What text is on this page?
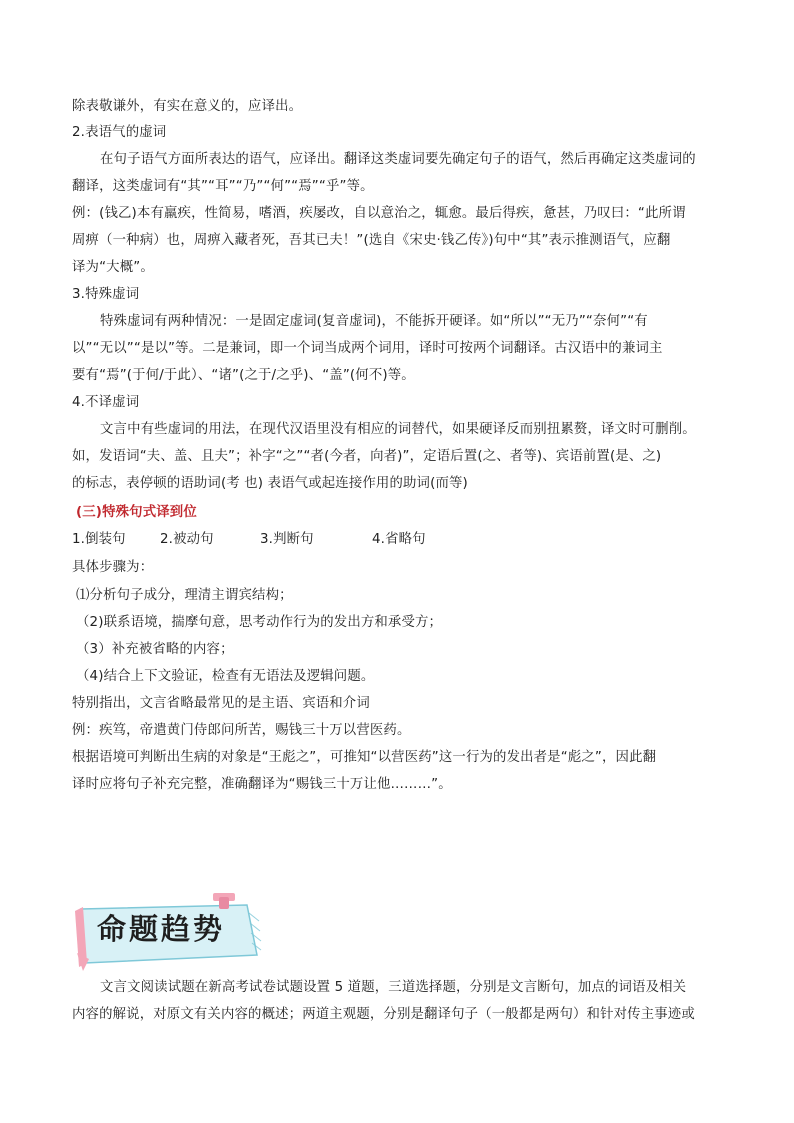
除表敬谦外，有实在意义的，应译出。
2.表语气的虚词
在句子语气方面所表达的语气，应译出。翻译这类虚词要先确定句子的语气，然后再确定这类虚词的
翻译，这类虚词有“其”“耳”“乃”“何”“焉”“乎”等。
例：(钱乙)本有羸疾，性简易，嗜酒，疾屡改，自以意治之，辄愈。最后得疾，惫甚，乃叹曰：“此所谓
周痹（一种病）也，周痹入藏者死，吾其已夫！”(选自《宋史·钱乙传》)句中“其”表示推测语气，应翻
译为“大概”。
3.特殊虚词
特殊虚词有两种情况：一是固定虚词(复音虚词)，不能拆开硬译。如“所以”“无乃”“奈何”“有
以”“无以”“是以”等。二是兼词，即一个词当成两个词用，译时可按两个词翻译。古汉语中的兼词主
要有“焉”(于何/于此）、“诸”(之于/之乎)、“盖”(何不)等。
4.不译虚词
文言中有些虚词的用法，在现代汉语里没有相应的词替代，如果硬译反而别扭累赘，译文时可删削。
如，发语词“夫、盖、且夫”；补字“之”“者(今者，向者)”，定语后置(之、者等)、宾语前置(是、之)
的标志，表停顿的语助词(考 也) 表语气或起连接作用的助词(而等)
(三)特殊句式译到位
1.倒装句	2.被动句	3.判断句	4.省略句
具体步骤为：
⑴分析句子成分，理清主谓宾结构；
（2)联系语境，揣摩句意，思考动作行为的发出方和承受方；
（3）补充被省略的内容；
（4)结合上下文验证，检查有无语法及逻辑问题。
特别指出，文言省略最常见的是主语、宾语和介词
例：疾笃，帝遣黄门侍郎问所苦，赐钱三十万以营医药。
根据语境可判断出生病的对象是“王彪之”，可推知“以营医药”这一行为的发出者是“彪之”，因此翻
译时应将句子补充完整，准确翻译为“赐钱三十万让他………”。
命题趋势
文言文阅读试题在新高考试卷试题设置 5 道题，三道选择题，分别是文言断句，加点的词语及相关
内容的解说，对原文有关内容的概述；两道主观题，分别是翻译句子（一般都是两句）和针对传主事迹或
